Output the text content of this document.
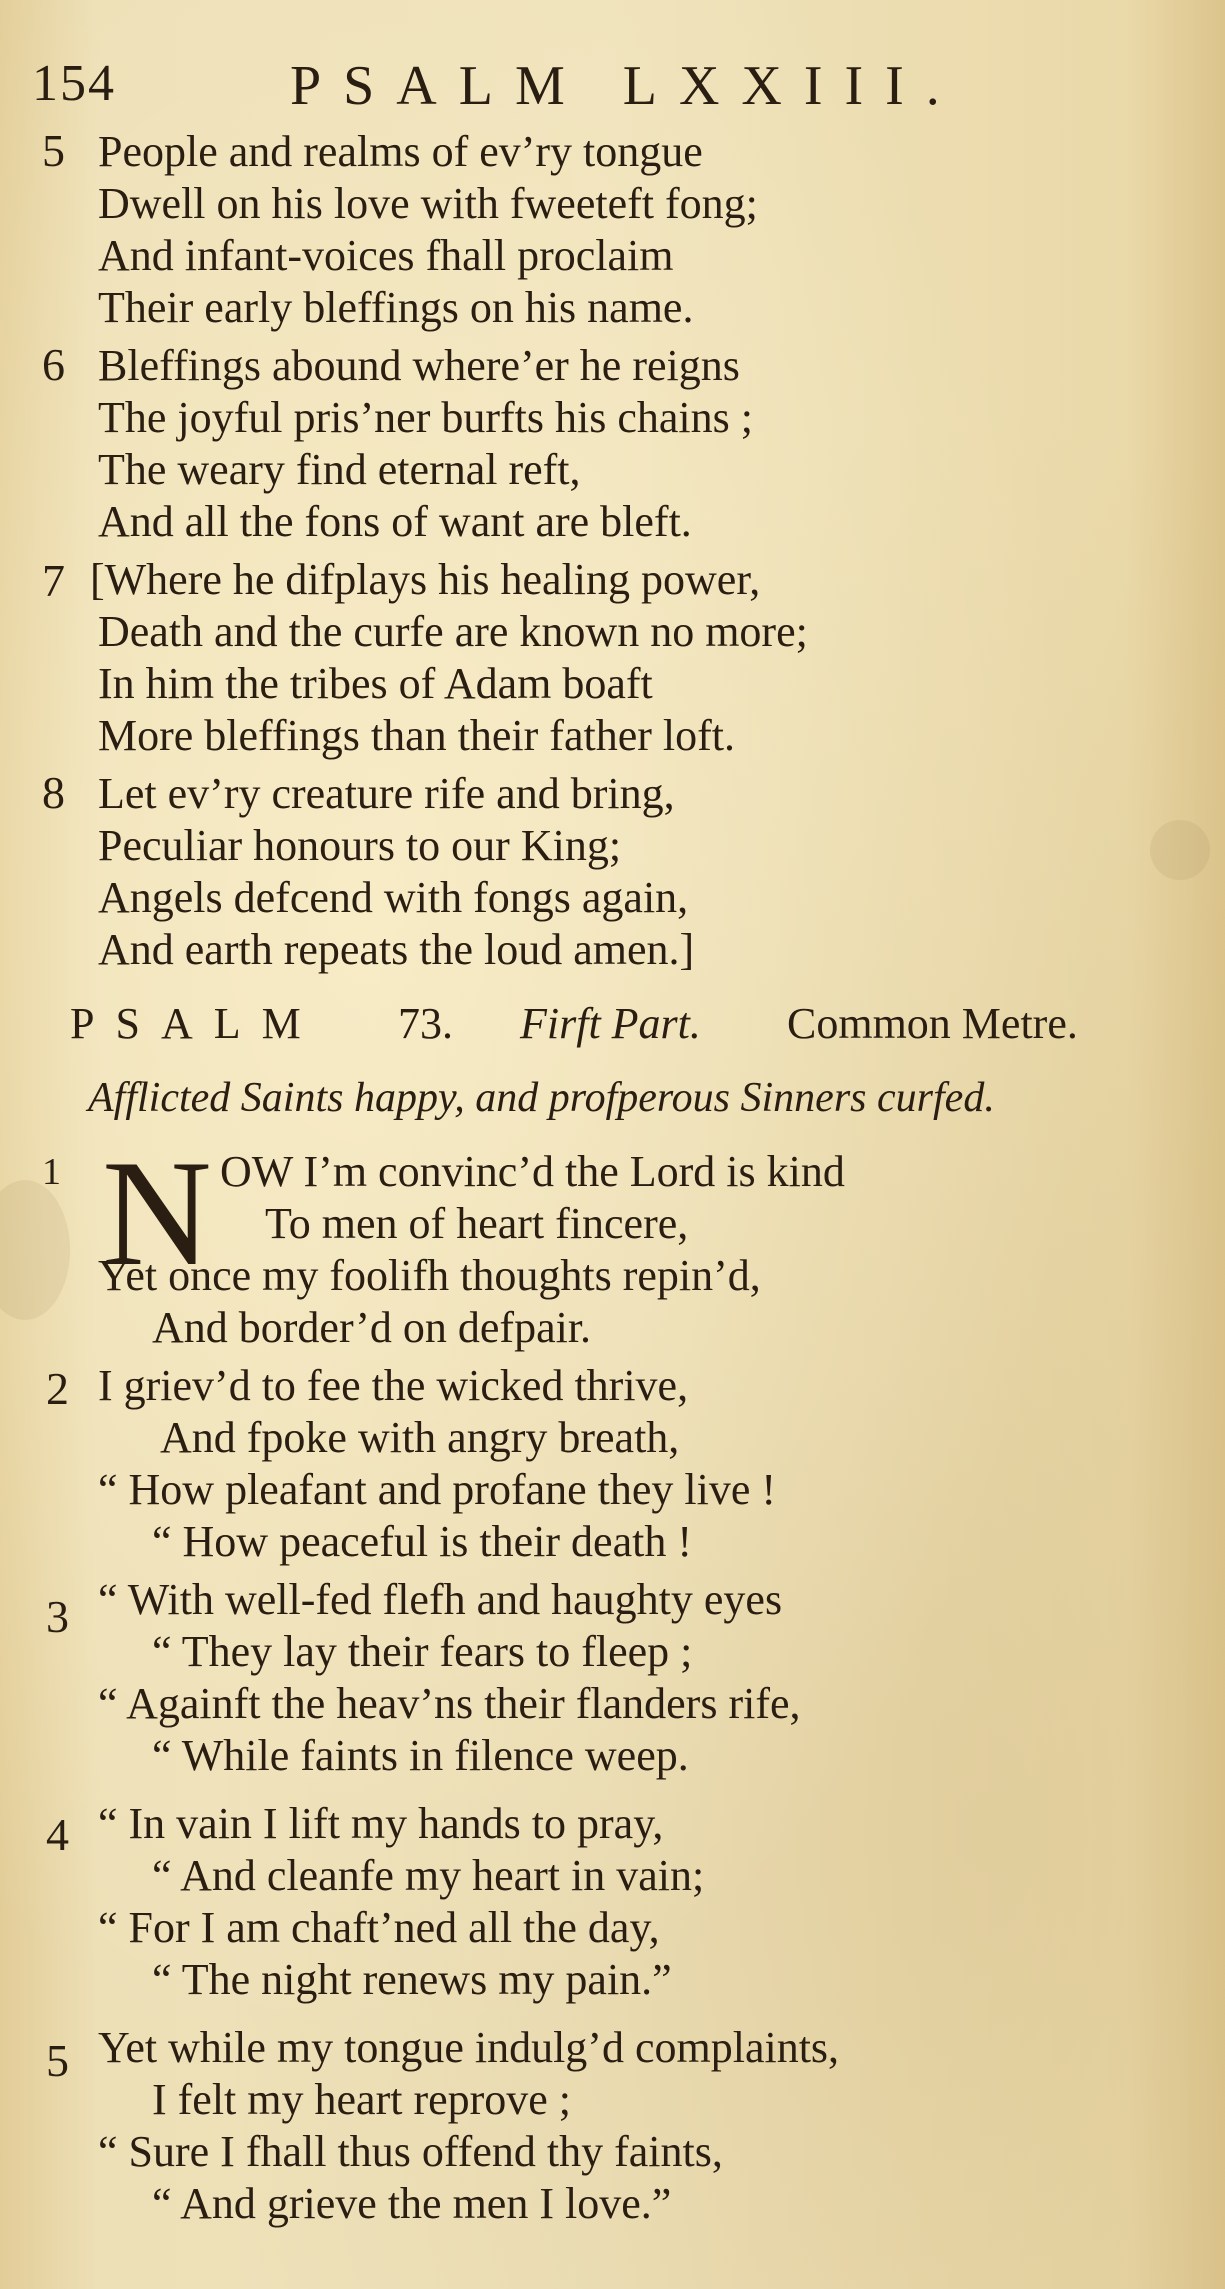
154	PSALM LXXIII.
5 People and realms of ev’ry tongue
Dwell on his love with fweeteft fong;
And infant-voices fhall proclaim
Their early bleffings on his name.
6 Bleffings abound where’er he reigns
The joyful pris’ner burfts his chains ;
The weary find eternal reft,
And all the fons of want are bleft.
7 [Where he difplays his healing power,
Death and the curfe are known no more;
In him the tribes of Adam boaft
More bleffings than their father loft.
8 Let ev’ry creature rife and bring,
Peculiar honours to our King;
Angels defcend with fongs again,
And earth repeats the loud amen.]
PSALM 73. Firft Part. Common Metre.
Afflicted Saints happy, and profperous Sinners curfed.
1 N OW I’m convinc’d the Lord is kind
To men of heart fincere,
Yet once my foolifh thoughts repin’d,
And border’d on defpair.
2 I griev’d to fee the wicked thrive,
And fpoke with angry breath,
“ How pleafant and profane they live !
“ How peaceful is their death !
3 “ With well-fed flefh and haughty eyes
“ They lay their fears to fleep ;
“ Againft the heav’ns their flanders rife,
“ While faints in filence weep.
4 “ In vain I lift my hands to pray,
“ And cleanfe my heart in vain;
“ For I am chaft’ned all the day,
“ The night renews my pain.”
5 Yet while my tongue indulg’d complaints,
I felt my heart reprove ;
“ Sure I fhall thus offend thy faints,
“ And grieve the men I love.”
